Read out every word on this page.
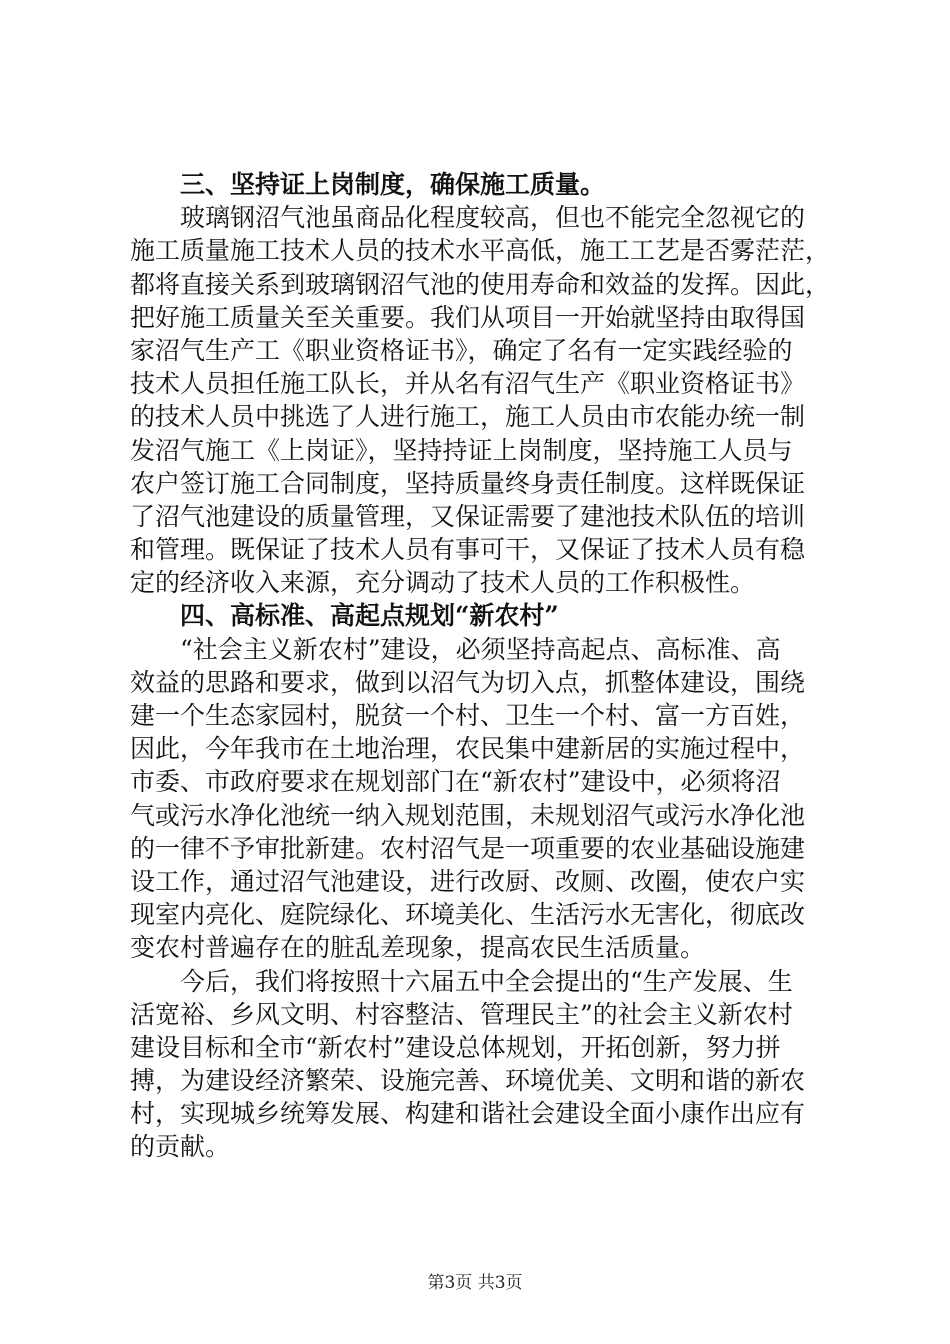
　　三、坚持证上岗制度，确保施工质量。
　　玻璃钢沼气池虽商品化程度较高，但也不能完全忽视它的
施工质量施工技术人员的技术水平高低，施工工艺是否雾茫茫，
都将直接关系到玻璃钢沼气池的使用寿命和效益的发挥。因此，
把好施工质量关至关重要。我们从项目一开始就坚持由取得国
家沼气生产工《职业资格证书》，确定了名有一定实践经验的
技术人员担任施工队长，并从名有沼气生产《职业资格证书》
的技术人员中挑选了人进行施工，施工人员由市农能办统一制
发沼气施工《上岗证》，坚持持证上岗制度，坚持施工人员与
农户签订施工合同制度，坚持质量终身责任制度。这样既保证
了沼气池建设的质量管理，又保证需要了建池技术队伍的培训
和管理。既保证了技术人员有事可干，又保证了技术人员有稳
定的经济收入来源，充分调动了技术人员的工作积极性。
　　四、高标准、高起点规划“新农村”
　　“社会主义新农村”建设，必须坚持高起点、高标准、高
效益的思路和要求，做到以沼气为切入点，抓整体建设，围绕
建一个生态家园村，脱贫一个村、卫生一个村、富一方百姓，
因此，今年我市在土地治理，农民集中建新居的实施过程中，
市委、市政府要求在规划部门在“新农村”建设中，必须将沼
气或污水净化池统一纳入规划范围，未规划沼气或污水净化池
的一律不予审批新建。农村沼气是一项重要的农业基础设施建
设工作，通过沼气池建设，进行改厨、改厕、改圈，使农户实
现室内亮化、庭院绿化、环境美化、生活污水无害化，彻底改
变农村普遍存在的脏乱差现象，提高农民生活质量。
　　今后，我们将按照十六届五中全会提出的“生产发展、生
活宽裕、乡风文明、村容整洁、管理民主”的社会主义新农村
建设目标和全市“新农村”建设总体规划，开拓创新，努力拼
搏，为建设经济繁荣、设施完善、环境优美、文明和谐的新农
村，实现城乡统筹发展、构建和谐社会建设全面小康作出应有
的贡献。
第3页 共3页
